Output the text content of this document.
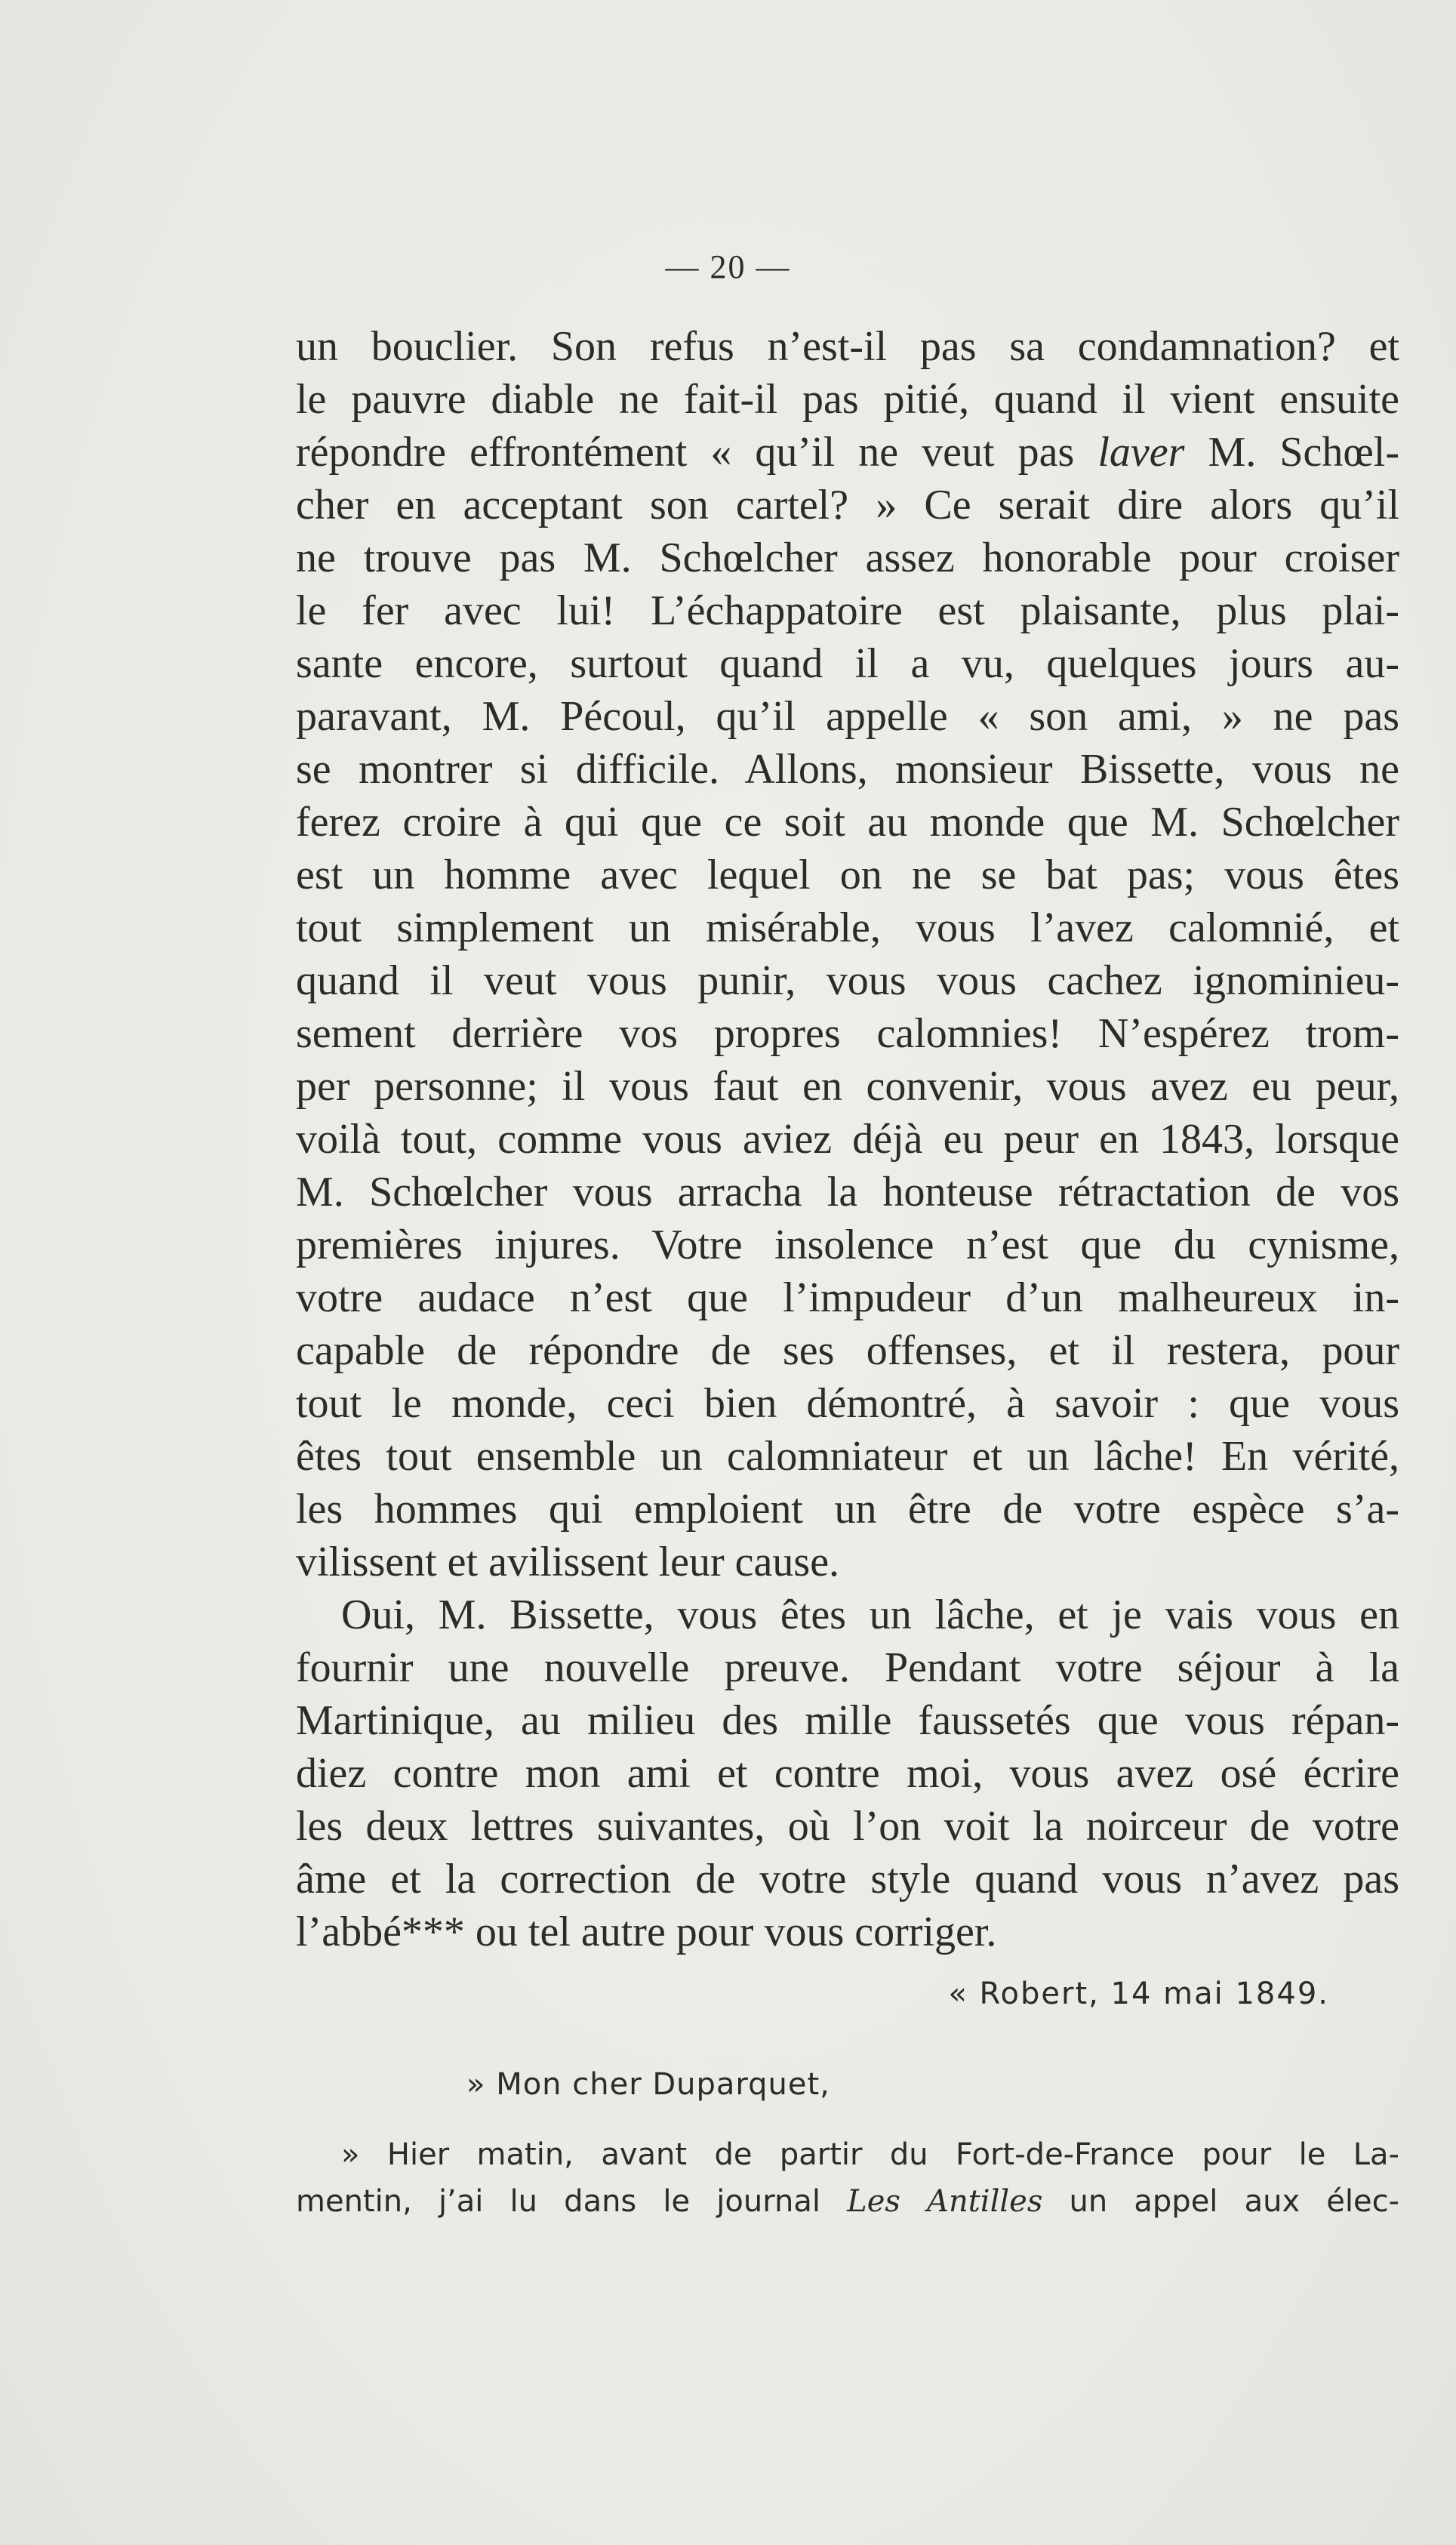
— 20 —
un bouclier. Son refus n’est-il pas sa condamnation? et
le pauvre diable ne fait-il pas pitié, quand il vient ensuite
répondre effrontément « qu’il ne veut pas laver M. Schœl-
cher en acceptant son cartel? » Ce serait dire alors qu’il
ne trouve pas M. Schœlcher assez honorable pour croiser
le fer avec lui! L’échappatoire est plaisante, plus plai-
sante encore, surtout quand il a vu, quelques jours au-
paravant, M. Pécoul, qu’il appelle « son ami, » ne pas
se montrer si difficile. Allons, monsieur Bissette, vous ne
ferez croire à qui que ce soit au monde que M. Schœlcher
est un homme avec lequel on ne se bat pas; vous êtes
tout simplement un misérable, vous l’avez calomnié, et
quand il veut vous punir, vous vous cachez ignominieu-
sement derrière vos propres calomnies! N’espérez trom-
per personne; il vous faut en convenir, vous avez eu peur,
voilà tout, comme vous aviez déjà eu peur en 1843, lorsque
M. Schœlcher vous arracha la honteuse rétractation de vos
premières injures. Votre insolence n’est que du cynisme,
votre audace n’est que l’impudeur d’un malheureux in-
capable de répondre de ses offenses, et il restera, pour
tout le monde, ceci bien démontré, à savoir : que vous
êtes tout ensemble un calomniateur et un lâche! En vérité,
les hommes qui emploient un être de votre espèce s’a-
vilissent et avilissent leur cause.
Oui, M. Bissette, vous êtes un lâche, et je vais vous en
fournir une nouvelle preuve. Pendant votre séjour à la
Martinique, au milieu des mille faussetés que vous répan-
diez contre mon ami et contre moi, vous avez osé écrire
les deux lettres suivantes, où l’on voit la noirceur de votre
âme et la correction de votre style quand vous n’avez pas
l’abbé*** ou tel autre pour vous corriger.
« Robert, 14 mai 1849.
» Mon cher Duparquet,
» Hier matin, avant de partir du Fort-de-France pour le La-
mentin, j’ai lu dans le journal Les Antilles un appel aux élec-
